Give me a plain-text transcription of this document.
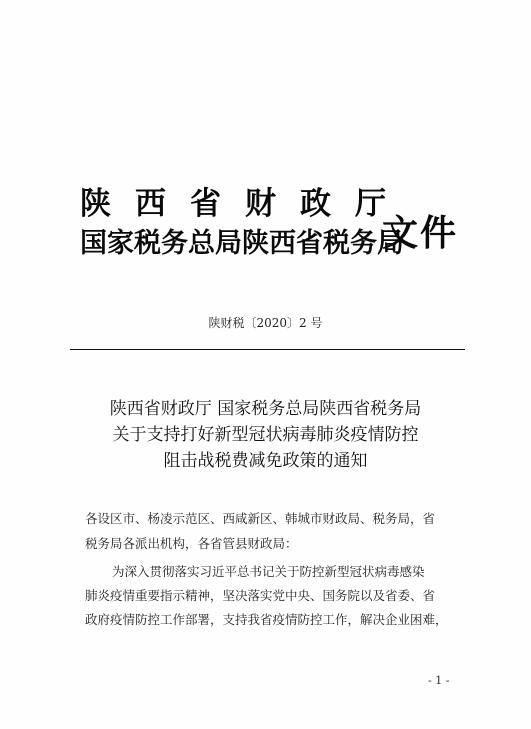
陕西省财政厅
国家税务总局陕西省税务局
文件
陕财税〔2020〕2 号
陕西省财政厅 国家税务总局陕西省税务局
关于支持打好新型冠状病毒肺炎疫情防控
阻击战税费减免政策的通知
各设区市、杨凌示范区、西咸新区、韩城市财政局、税务局，省
税务局各派出机构，各省管县财政局：
为深入贯彻落实习近平总书记关于防控新型冠状病毒感染
肺炎疫情重要指示精神，坚决落实党中央、国务院以及省委、省
政府疫情防控工作部署，支持我省疫情防控工作，解决企业困难，
- 1 -
